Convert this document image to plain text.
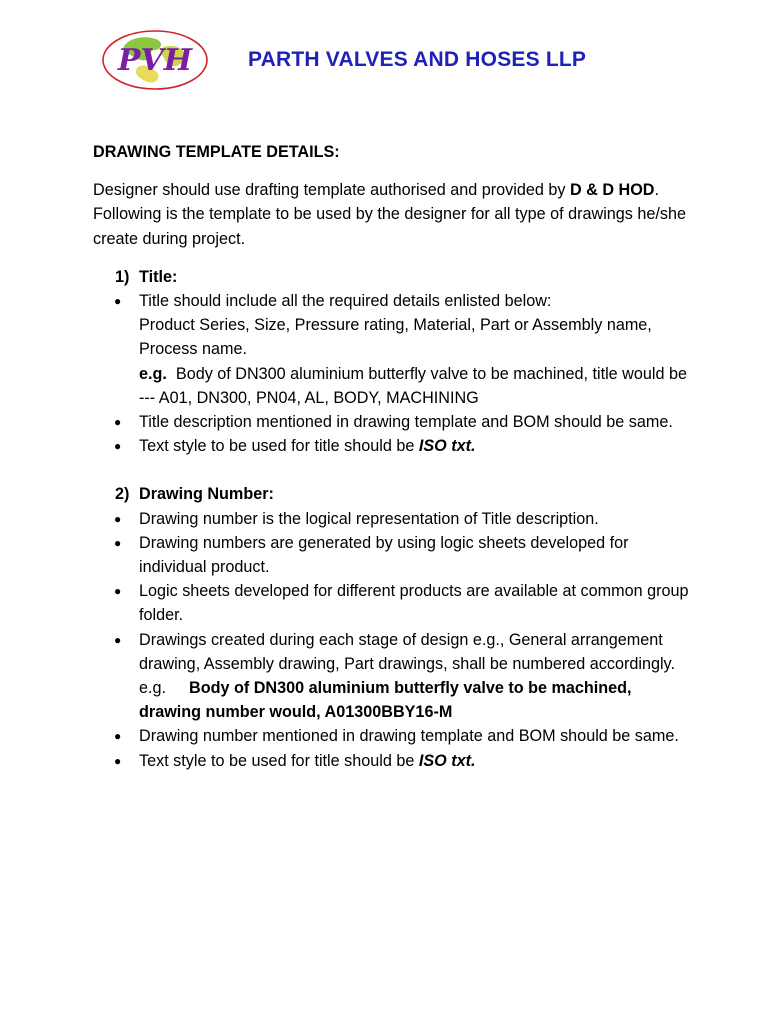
PVH	PARTH VALVES AND HOSES LLP
DRAWING TEMPLATE DETAILS:

Designer should use drafting template authorised and provided by D & D HOD. Following is the template to be used by the designer for all type of drawings he/she create during project.

1) Title:
● Title should include all the required details enlisted below:
Product Series, Size, Pressure rating, Material, Part or Assembly name, Process name.
e.g. Body of DN300 aluminium butterfly valve to be machined, title would be --- A01, DN300, PN04, AL, BODY, MACHINING
● Title description mentioned in drawing template and BOM should be same.
● Text style to be used for title should be ISO txt.
2) Drawing Number:
● Drawing number is the logical representation of Title description.
● Drawing numbers are generated by using logic sheets developed for individual product.
● Logic sheets developed for different products are available at common group folder.
● Drawings created during each stage of design e.g., General arrangement drawing, Assembly drawing, Part drawings, shall be numbered accordingly.
e.g. Body of DN300 aluminium butterfly valve to be machined, drawing number would, A01300BBY16-M
● Drawing number mentioned in drawing template and BOM should be same.
● Text style to be used for title should be ISO txt.
